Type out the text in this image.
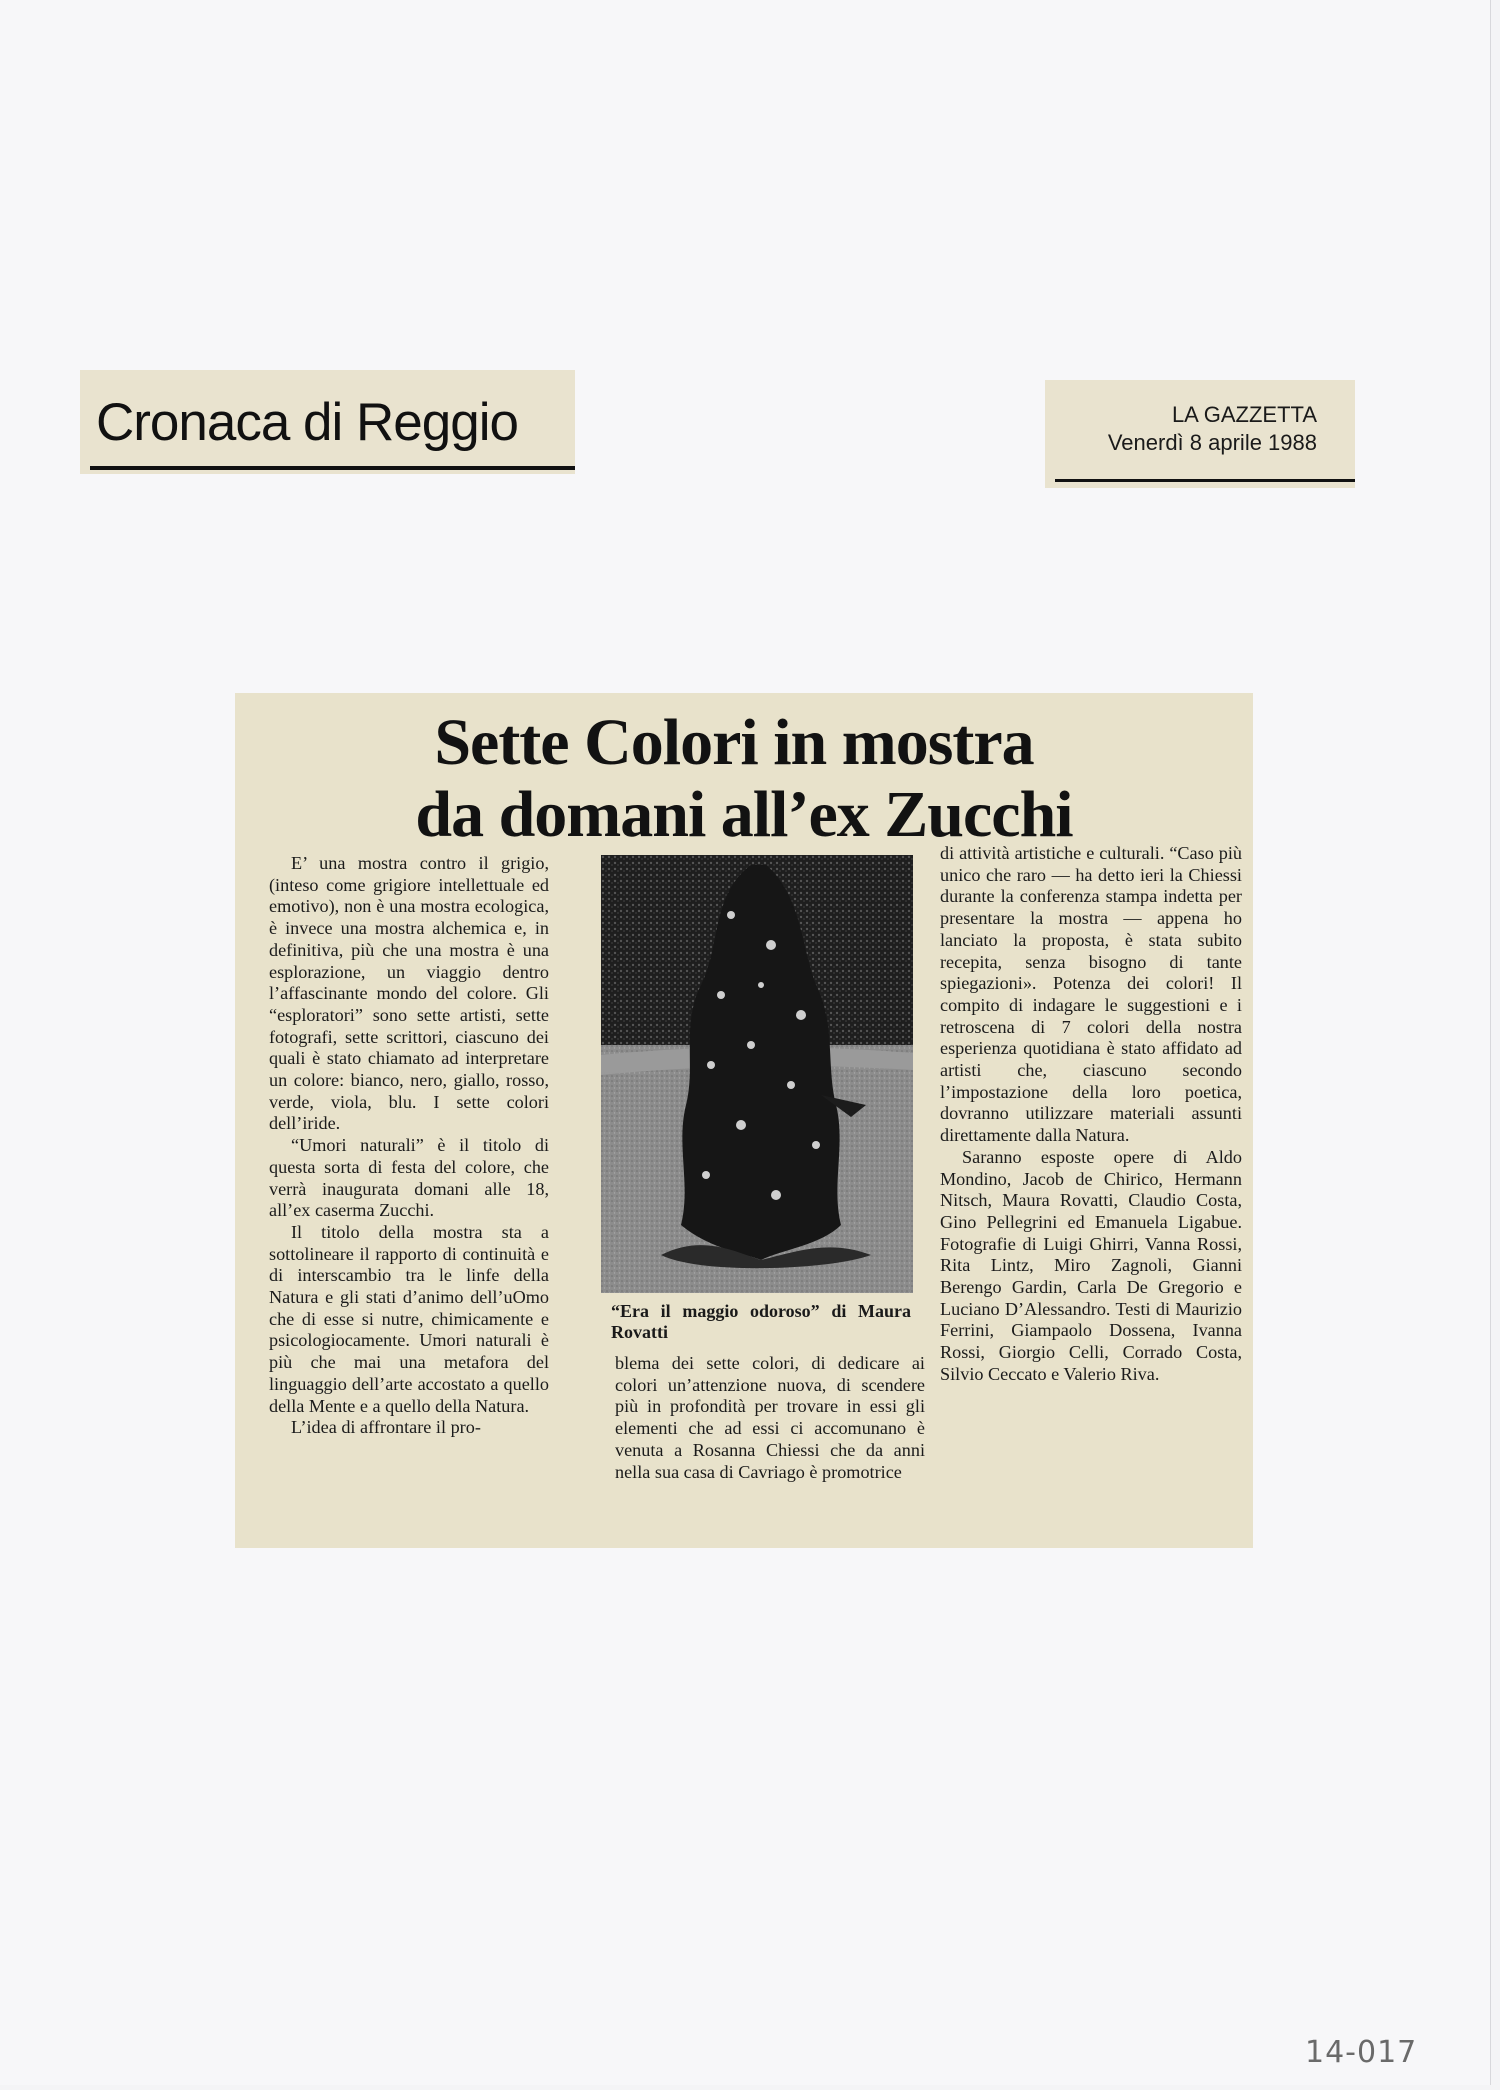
Cronaca di Reggio	LA GAZZETTA
Venerdì 8 aprile 1988
Sette Colori in mostra
da domani all’ex Zucchi

E’ una mostra contro il grigio, (inteso come grigiore intellettuale ed emotivo), non è una mostra ecologica, è invece una mostra alchemica e, in definitiva, più che una mostra è una esplorazione, un viaggio dentro l’affascinante mondo del colore. Gli “esploratori” sono sette artisti, sette fotografi, sette scrittori, ciascuno dei quali è stato chiamato ad interpretare un colore: bianco, nero, giallo, rosso, verde, viola, blu. I sette colori dell’iride.

“Umori naturali” è il titolo di questa sorta di festa del colore, che verrà inaugurata domani alle 18, all’ex caserma Zucchi.

Il titolo della mostra sta a sottolineare il rapporto di continuità e di interscambio tra le linfe della Natura e gli stati d’animo dell’uOmo che di esse si nutre, chimicamente e psicologiocamente. Umori naturali è più che mai una metafora del linguaggio dell’arte accostato a quello della Mente e a quello della Natura.

L’idea di affrontare il pro-

“Era il maggio odoroso” di Maura Rovatti

blema dei sette colori, di dedicare ai colori un’attenzione nuova, di scendere più in profondità per trovare in essi gli elementi che ad essi ci accomunano è venuta a Rosanna Chiessi che da anni nella sua casa di Cavriago è promotrice

di attività artistiche e culturali. “Caso più unico che raro — ha detto ieri la Chiessi durante la conferenza stampa indetta per presentare la mostra — appena ho lanciato la proposta, è stata subito recepita, senza bisogno di tante spiegazioni». Potenza dei colori! Il compito di indagare le suggestioni e i retroscena di 7 colori della nostra esperienza quotidiana è stato affidato ad artisti che, ciascuno secondo l’impostazione della loro poetica, dovranno utilizzare materiali assunti direttamente dalla Natura.

Saranno esposte opere di Aldo Mondino, Jacob de Chirico, Hermann Nitsch, Maura Rovatti, Claudio Costa, Gino Pellegrini ed Emanuela Ligabue. Fotografie di Luigi Ghirri, Vanna Rossi, Rita Lintz, Miro Zagnoli, Gianni Berengo Gardin, Carla De Gregorio e Luciano D’Alessandro. Testi di Maurizio Ferrini, Giampaolo Dossena, Ivanna Rossi, Giorgio Celli, Corrado Costa, Silvio Ceccato e Valerio Riva.

14-017
